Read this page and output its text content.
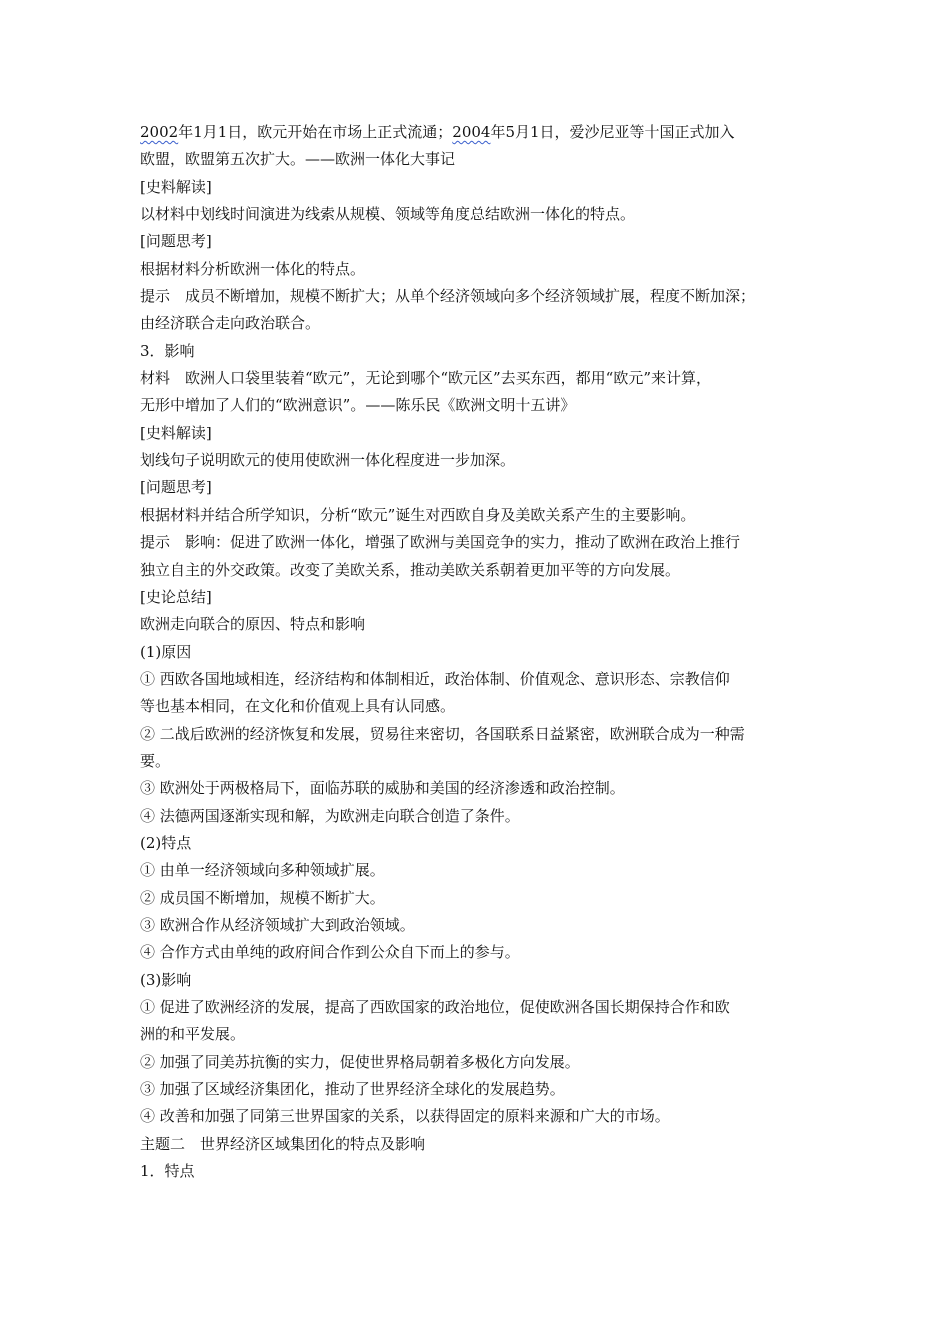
2002年1月1日，欧元开始在市场上正式流通；2004年5月1日，爱沙尼亚等十国正式加入
欧盟，欧盟第五次扩大。——欧洲一体化大事记
[史料解读]
以材料中划线时间演进为线索从规模、领域等角度总结欧洲一体化的特点。
[问题思考]
根据材料分析欧洲一体化的特点。
提示　成员不断增加，规模不断扩大；从单个经济领域向多个经济领域扩展，程度不断加深；
由经济联合走向政治联合。
3．影响
材料　欧洲人口袋里装着“欧元”，无论到哪个“欧元区”去买东西，都用“欧元”来计算，
无形中增加了人们的“欧洲意识”。——陈乐民《欧洲文明十五讲》
[史料解读]
划线句子说明欧元的使用使欧洲一体化程度进一步加深。
[问题思考]
根据材料并结合所学知识，分析“欧元”诞生对西欧自身及美欧关系产生的主要影响。
提示　影响：促进了欧洲一体化，增强了欧洲与美国竞争的实力，推动了欧洲在政治上推行
独立自主的外交政策。改变了美欧关系，推动美欧关系朝着更加平等的方向发展。
[史论总结]
欧洲走向联合的原因、特点和影响
(1)原因
① 西欧各国地域相连，经济结构和体制相近，政治体制、价值观念、意识形态、宗教信仰
等也基本相同，在文化和价值观上具有认同感。
② 二战后欧洲的经济恢复和发展，贸易往来密切，各国联系日益紧密，欧洲联合成为一种需
要。
③ 欧洲处于两极格局下，面临苏联的威胁和美国的经济渗透和政治控制。
④ 法德两国逐渐实现和解，为欧洲走向联合创造了条件。
(2)特点
① 由单一经济领域向多种领域扩展。
② 成员国不断增加，规模不断扩大。
③ 欧洲合作从经济领域扩大到政治领域。
④ 合作方式由单纯的政府间合作到公众自下而上的参与。
(3)影响
① 促进了欧洲经济的发展，提高了西欧国家的政治地位，促使欧洲各国长期保持合作和欧
洲的和平发展。
② 加强了同美苏抗衡的实力，促使世界格局朝着多极化方向发展。
③ 加强了区域经济集团化，推动了世界经济全球化的发展趋势。
④ 改善和加强了同第三世界国家的关系，以获得固定的原料来源和广大的市场。
主题二　世界经济区域集团化的特点及影响
1．特点
